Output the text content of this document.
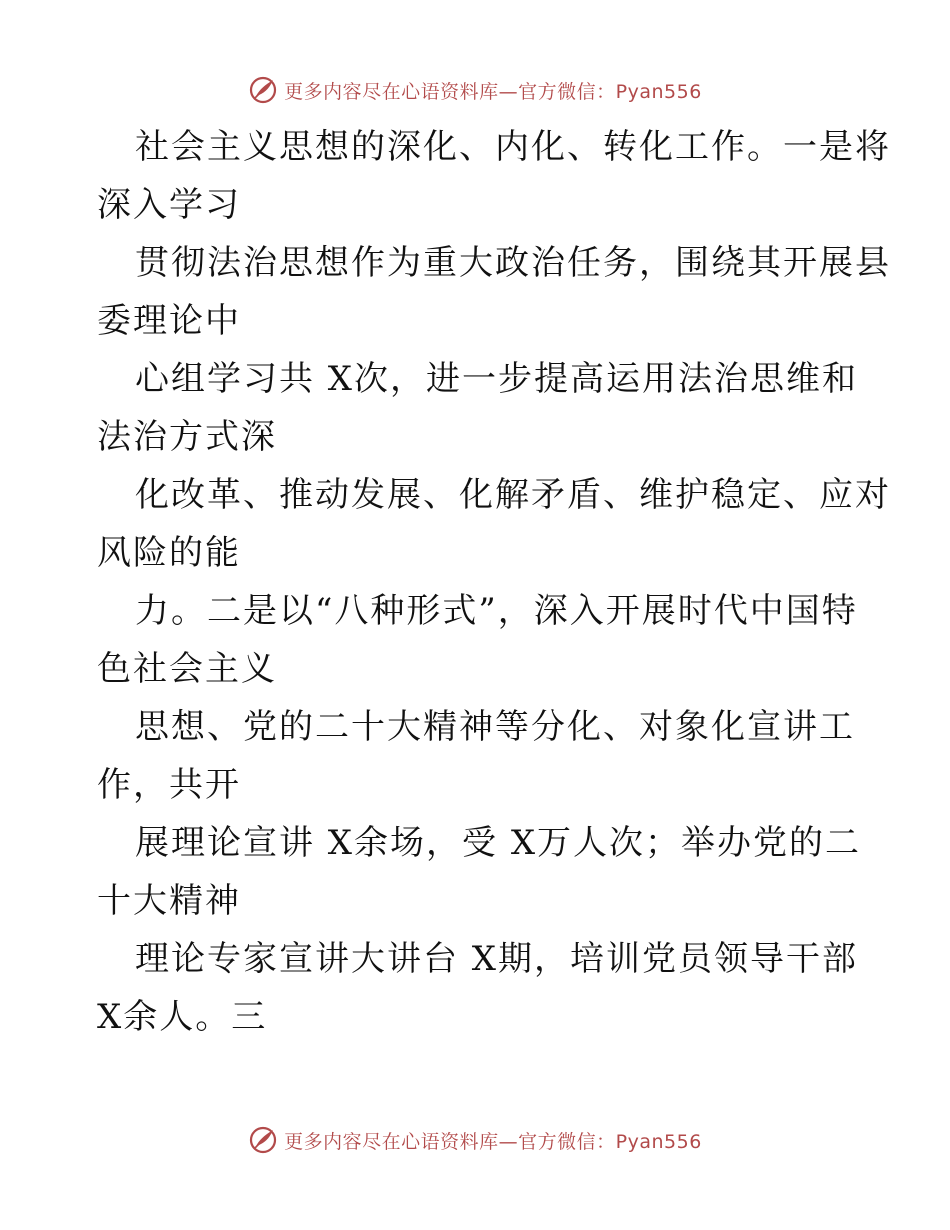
更多内容尽在心语资料库—官方微信：Pyan556
社会主义思想的深化、内化、转化工作。一是将
深入学习
贯彻法治思想作为重大政治任务，围绕其开展县
委理论中
心组学习共 X次，进一步提高运用法治思维和
法治方式深
化改革、推动发展、化解矛盾、维护稳定、应对
风险的能
力。二是以“八种形式”，深入开展时代中国特
色社会主义
思想、党的二十大精神等分化、对象化宣讲工
作，共开
展理论宣讲 X余场，受 X万人次；举办党的二
十大精神
理论专家宣讲大讲台 X期，培训党员领导干部
X余人。三
更多内容尽在心语资料库—官方微信：Pyan556
